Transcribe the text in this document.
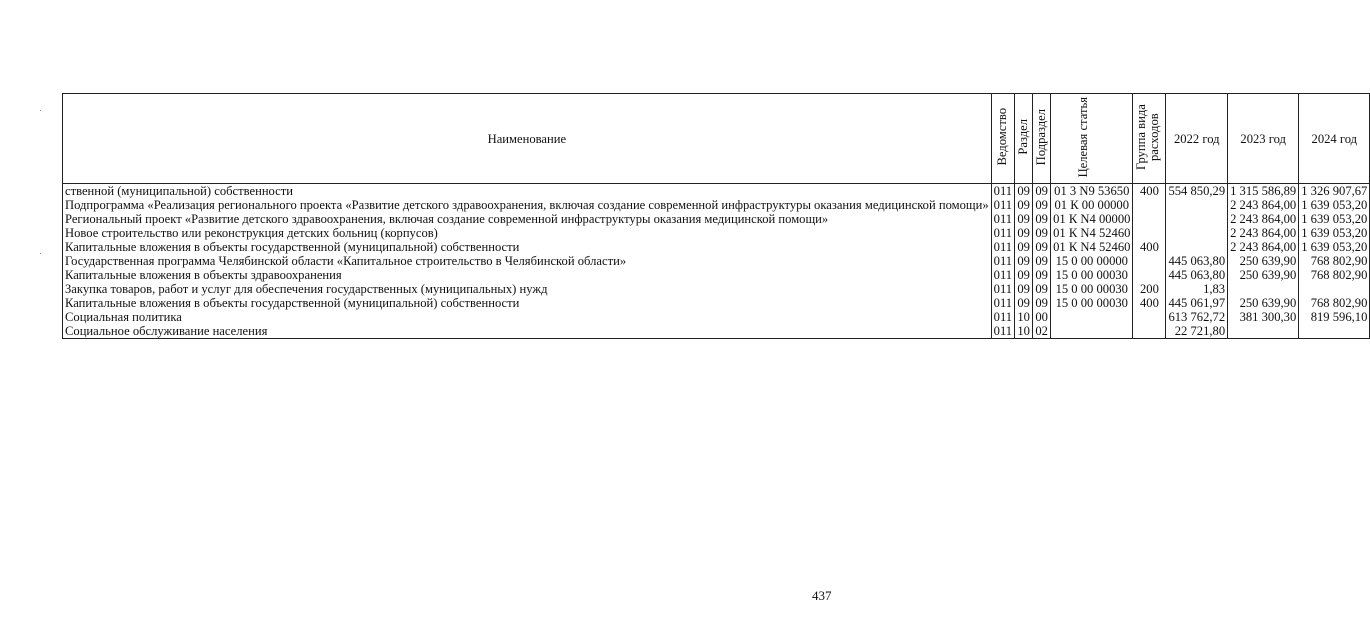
Наименование	Ведомство	Раздел	Подраздел	Целевая статья	Группа вида расходов	2022 год	2023 год	2024 год
ственной (муниципальной) собственности	011	09	09	01 3 N9 53650	400	554 850,29	1 315 586,89	1 326 907,67
Подпрограмма «Реализация регионального проекта «Развитие детского здравоохранения, включая создание современной инфраструктуры оказания медицинской помощи»	011	09	09	01 К 00 00000			2 243 864,00	1 639 053,20
Региональный проект «Развитие детского здравоохранения, включая создание современной инфраструктуры оказания медицинской помощи»	011	09	09	01 К N4 00000			2 243 864,00	1 639 053,20
Новое строительство или реконструкция детских больниц (корпусов)	011	09	09	01 К N4 52460			2 243 864,00	1 639 053,20
Капитальные вложения в объекты государственной (муниципальной) собственности	011	09	09	01 К N4 52460	400		2 243 864,00	1 639 053,20
Государственная программа Челябинской области «Капитальное строительство в Челябинской области»	011	09	09	15 0 00 00000		445 063,80	250 639,90	768 802,90
Капитальные вложения в объекты здравоохранения	011	09	09	15 0 00 00030		445 063,80	250 639,90	768 802,90
Закупка товаров, работ и услуг для обеспечения государственных (муниципальных) нужд	011	09	09	15 0 00 00030	200	1,83		
Капитальные вложения в объекты государственной (муниципальной) собственности	011	09	09	15 0 00 00030	400	445 061,97	250 639,90	768 802,90
Социальная политика	011	10	00			613 762,72	381 300,30	819 596,10
Социальное обслуживание населения	011	10	02			22 721,80		
437
